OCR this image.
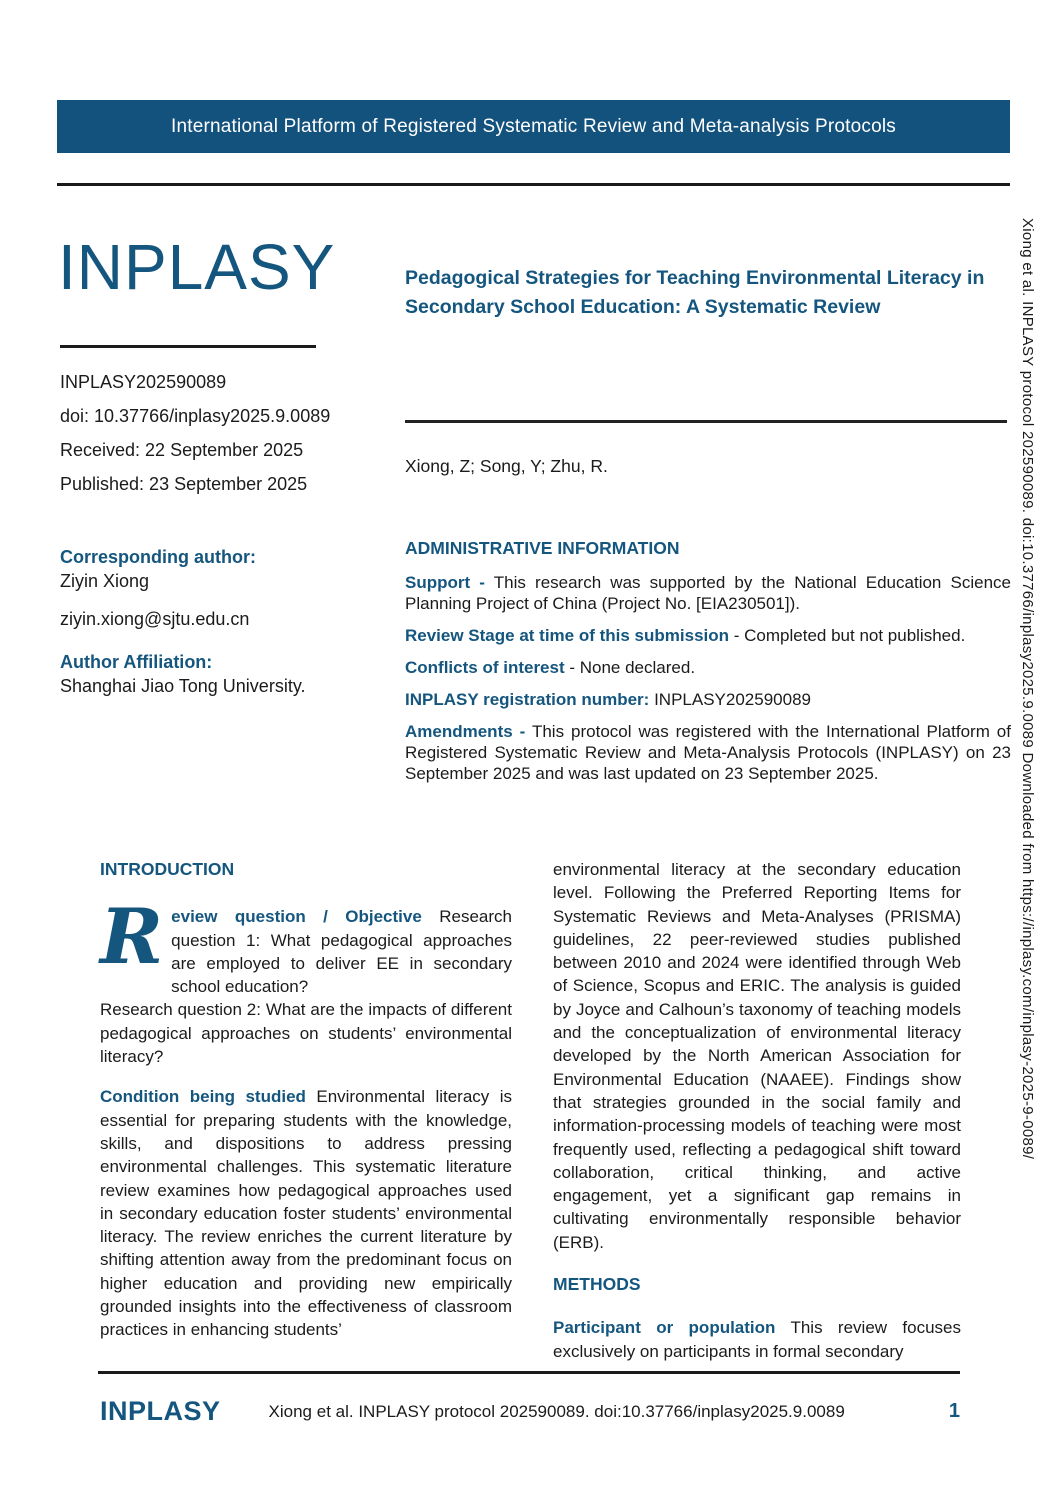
International Platform of Registered Systematic Review and Meta-analysis Protocols
INPLASY
INPLASY202590089
doi: 10.37766/inplasy2025.9.0089
Received: 22 September 2025
Published: 23 September 2025
Corresponding author:
Ziyin Xiong
ziyin.xiong@sjtu.edu.cn
Author Affiliation:
Shanghai Jiao Tong University.
Pedagogical Strategies for Teaching Environmental Literacy in Secondary School Education: A Systematic Review
Xiong, Z; Song, Y; Zhu, R.
ADMINISTRATIVE INFORMATION

Support - This research was supported by the National Education Science Planning Project of China (Project No. [EIA230501]).

Review Stage at time of this submission - Completed but not published.

Conflicts of interest - None declared.

INPLASY registration number: INPLASY202590089

Amendments - This protocol was registered with the International Platform of Registered Systematic Review and Meta-Analysis Protocols (INPLASY) on 23 September 2025 and was last updated on 23 September 2025.

INTRODUCTION
Review question / Objective Research question 1: What pedagogical approaches are employed to deliver EE in secondary school education?
Research question 2: What are the impacts of different pedagogical approaches on students’ environmental literacy?

Condition being studied Environmental literacy is essential for preparing students with the knowledge, skills, and dispositions to address pressing environmental challenges. This systematic literature review examines how pedagogical approaches used in secondary education foster students’ environmental literacy. The review enriches the current literature by shifting attention away from the predominant focus on higher education and providing new empirically grounded insights into the effectiveness of classroom practices in enhancing students’

environmental literacy at the secondary education level. Following the Preferred Reporting Items for Systematic Reviews and Meta-Analyses (PRISMA) guidelines, 22 peer-reviewed studies published between 2010 and 2024 were identified through Web of Science, Scopus and ERIC. The analysis is guided by Joyce and Calhoun’s taxonomy of teaching models and the conceptualization of environmental literacy developed by the North American Association for Environmental Education (NAAEE). Findings show that strategies grounded in the social family and information-processing models of teaching were most frequently used, reflecting a pedagogical shift toward collaboration, critical thinking, and active engagement, yet a significant gap remains in cultivating environmentally responsible behavior (ERB).

METHODS

Participant or population This review focuses exclusively on participants in formal secondary

INPLASY	Xiong et al. INPLASY protocol 202590089. doi:10.37766/inplasy2025.9.0089	1
Xiong et al. INPLASY protocol 202590089. doi:10.37766/inplasy2025.9.0089 Downloaded from https://inplasy.com/inplasy-2025-9-0089/
